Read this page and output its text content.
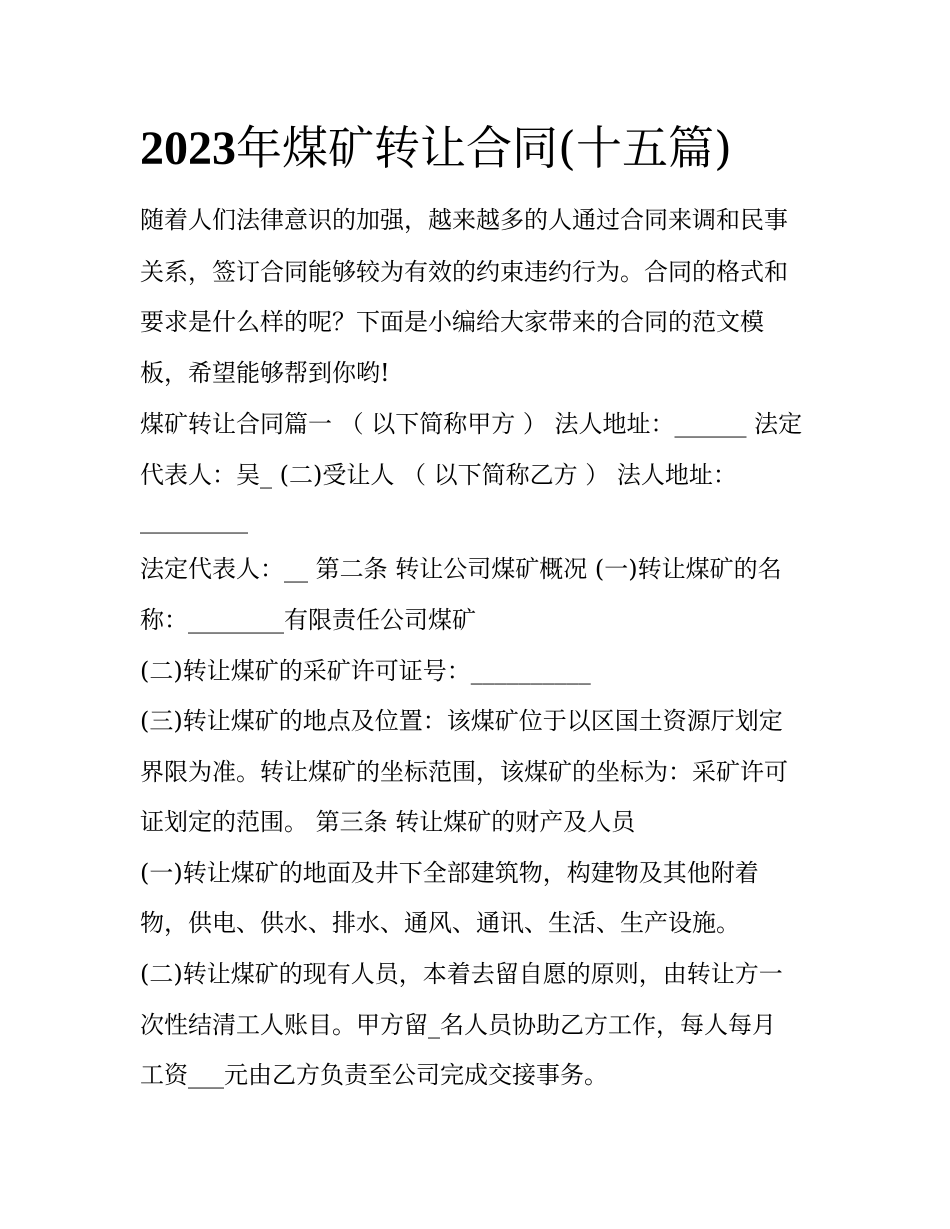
2023年煤矿转让合同(十五篇)

随着人们法律意识的加强，越来越多的人通过合同来调和民事

关系，签订合同能够较为有效的约束违约行为。合同的格式和

要求是什么样的呢？下面是小编给大家带来的合同的范文模

板，希望能够帮到你哟!

煤矿转让合同篇一 （ 以下简称甲方 ） 法人地址：______ 法定

代表人：吴_ (二)受让人 （ 以下简称乙方 ） 法人地址：

_________

法定代表人：__ 第二条 转让公司煤矿概况 (一)转让煤矿的名

称：________有限责任公司煤矿

(二)转让煤矿的采矿许可证号：__________

(三)转让煤矿的地点及位置：该煤矿位于以区国土资源厅划定

界限为准。转让煤矿的坐标范围，该煤矿的坐标为：采矿许可

证划定的范围。 第三条 转让煤矿的财产及人员

(一)转让煤矿的地面及井下全部建筑物，构建物及其他附着

物，供电、供水、排水、通风、通讯、生活、生产设施。

(二)转让煤矿的现有人员，本着去留自愿的原则，由转让方一

次性结清工人账目。甲方留_名人员协助乙方工作，每人每月

工资___元由乙方负责至公司完成交接事务。
